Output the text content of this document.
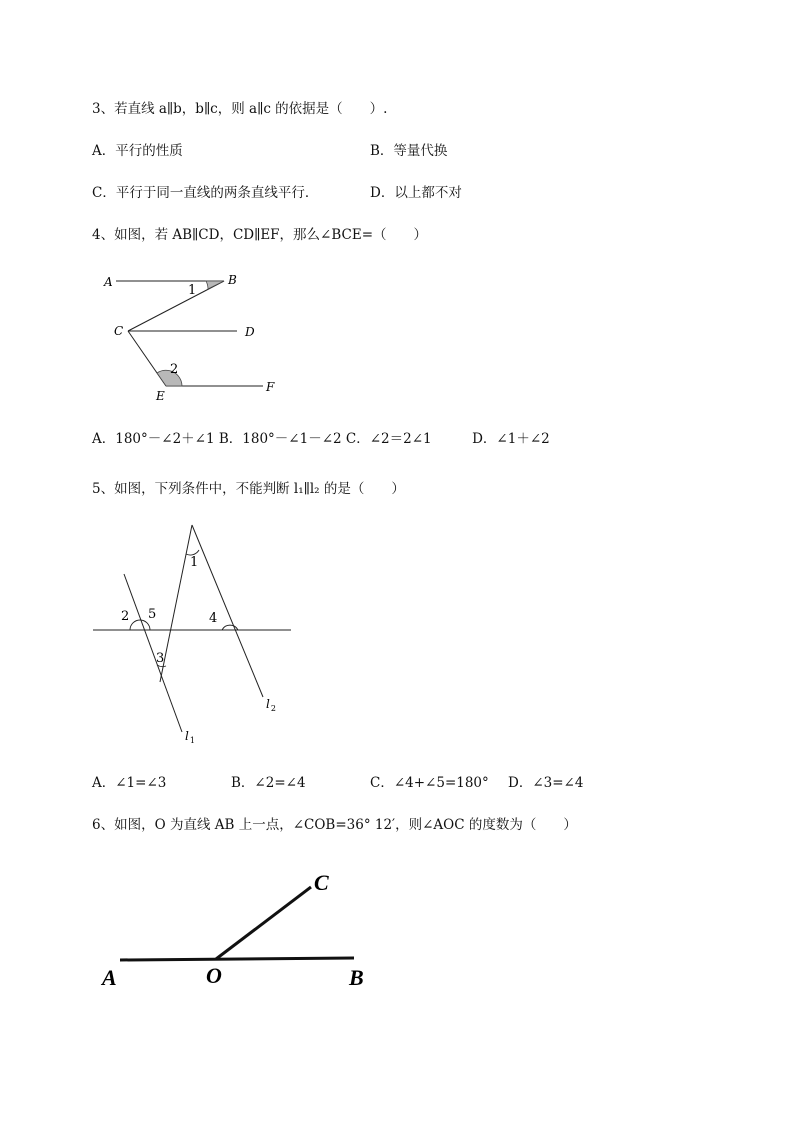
3、若直线 a∥b，b∥c，则 a∥c 的依据是（　　）.
A．平行的性质	B．等量代换
C．平行于同一直线的两条直线平行．	D．以上都不对
4、如图，若 AB∥CD，CD∥EF，那么∠BCE=（　　）
A	B
C	D
E
F
1
2
A．180°－∠2＋∠1 B．180°－∠1－∠2 C．∠2＝2∠1　　　D．∠1＋∠2
5、如图，下列条件中，不能判断 l₁∥l₂ 的是（　　）
1
2 5
3
4
$l_2$
$l_1$
A．∠1=∠3	B．∠2=∠4	C．∠4+∠5=180° D．∠3=∠4
6、如图，O 为直线 AB 上一点，∠COB=36° 12′，则∠AOC 的度数为（　　）
A	O	B
C
